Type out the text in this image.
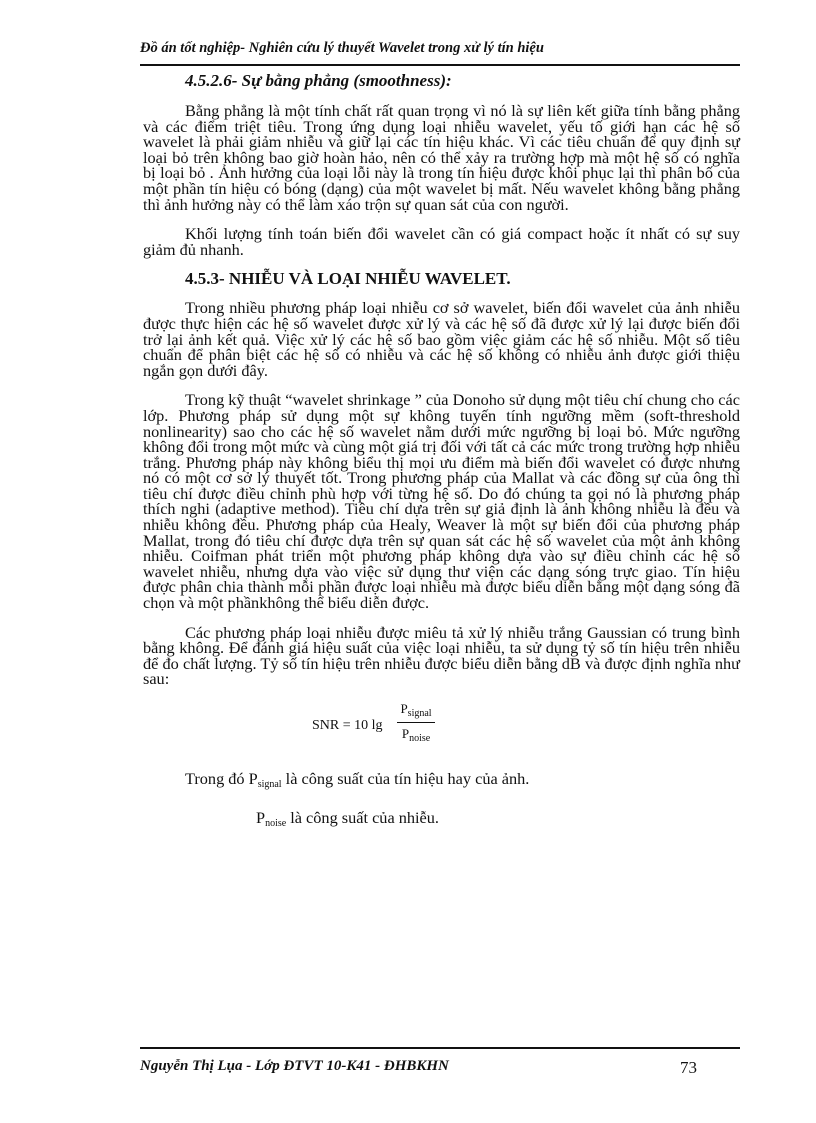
Đồ án tốt nghiệp- Nghiên cứu lý thuyết Wavelet trong xử lý tín hiệu
4.5.2.6- Sự bằng phẳng (smoothness):

Bằng phẳng là một tính chất rất quan trọng vì nó là sự liên kết giữa tính bằng phẳng và các điểm triệt tiêu. Trong ứng dụng loại nhiễu wavelet, yếu tố giới hạn các hệ số wavelet là phải giảm nhiễu và giữ lại các tín hiệu khác. Vì các tiêu chuẩn để quy định sự loại bỏ trên không bao giờ hoàn hảo, nên có thể xảy ra trường hợp mà một hệ số có nghĩa bị loại bỏ . Ảnh hưởng của loại lỗi này là trong tín hiệu được khôi phục lại thì phân bố của một phần tín hiệu có bóng (dạng) của một wavelet bị mất. Nếu wavelet không bằng phẳng thì ảnh hưởng này có thể làm xáo trộn sự quan sát của con người.

Khối lượng tính toán biến đổi wavelet cần có giá compact hoặc ít nhất có sự suy giảm đủ nhanh.

4.5.3- NHIỄU VÀ LOẠI NHIỄU WAVELET.

Trong nhiều phương pháp loại nhiễu cơ sở wavelet, biến đổi wavelet của ảnh nhiễu được thực hiện các hệ số wavelet được xử lý và các hệ số đã được xử lý lại được biến đổi trở lại ảnh kết quả. Việc xử lý các hệ số bao gồm việc giảm các hệ số nhiễu. Một số tiêu chuẩn để phân biệt các hệ số có nhiễu và các hệ số không có nhiễu ảnh được giới thiệu ngắn gọn dưới đây.

Trong kỹ thuật “wavelet shrinkage ” của Donoho sử dụng một tiêu chí chung cho các lớp. Phương pháp sử dụng một sự không tuyến tính ngưỡng mềm (soft-threshold nonlinearity) sao cho các hệ số wavelet nằm dưới mức ngưỡng bị loại bỏ. Mức ngưỡng không đổi trong một mức và cùng một giá trị đối với tất cả các mức trong trường hợp nhiễu trắng. Phương pháp này không biểu thị mọi ưu điểm mà biến đổi wavelet có được nhưng nó có một cơ sở lý thuyết tốt. Trong phương pháp của Mallat và các đồng sự của ông thì tiêu chí được điều chỉnh phù hợp với từng hệ số. Do đó chúng ta gọi nó là phương pháp thích nghi (adaptive method). Tiêu chí dựa trên sự giả định là ảnh không nhiễu là đều và nhiễu không đều. Phương pháp của Healy, Weaver là một sự biến đổi của phương pháp Mallat, trong đó tiêu chí được dựa trên sự quan sát các hệ số wavelet của một ảnh không nhiễu. Coifman phát triển một phương pháp không dựa vào sự điều chỉnh các hệ số wavelet nhiễu, nhưng dựa vào việc sử dụng thư viện các dạng sóng trực giao. Tín hiệu được phân chia thành mỗi phần được loại nhiễu mà được biểu diễn bằng một dạng sóng đã chọn và một phầnkhông thể biểu diễn được.

Các phương pháp loại nhiễu được miêu tả xử lý nhiễu trắng Gaussian có trung bình bằng không. Để đánh giá hiệu suất của việc loại nhiễu, ta sử dụng tỷ số tín hiệu trên nhiễu để đo chất lượng. Tỷ số tín hiệu trên nhiễu được biểu diễn bằng dB và được định nghĩa như sau:

SNR = 10 lg
$P_{signal}$
$P_{noise}$
Trong đó $P_{signal}$ là công suất của tín hiệu hay của ảnh.
$P_{noise}$ là công suất của nhiễu.
Nguyễn Thị Lụa - Lớp ĐTVT 10-K41 - ĐHBKHN	73
